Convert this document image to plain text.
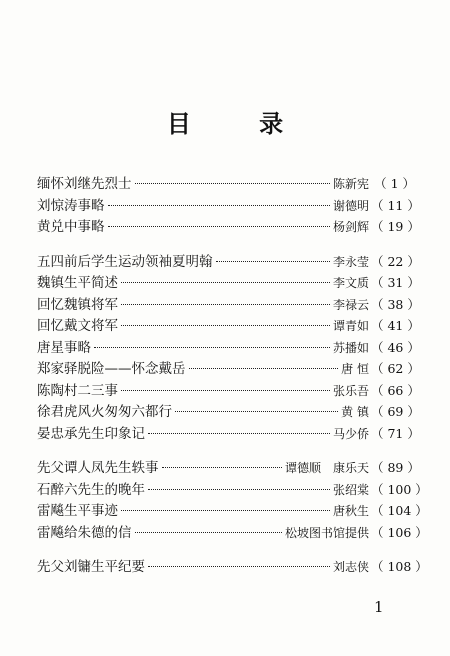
目 录
缅怀刘继先烈士	陈新宪 （ 1 ）
刘惊涛事略	谢德明 （ 11 ）
黄兑中事略	杨剑辉 （ 19 ）
五四前后学生运动领袖夏明翰	李永莹 （ 22 ）
魏镇生平简述	李文质 （ 31 ）
回忆魏镇将军	李禄云 （ 38 ）
回忆戴文将军	谭青如 （ 41 ）
唐星事略	苏播如 （ 46 ）
郑家驿脱险——怀念戴岳	唐 恒 （ 62 ）
陈陶村二三事	张乐吾 （ 66 ）
徐君虎风火匆匆六都行	黄 镇 （ 69 ）
晏忠承先生印象记	马少侨 （ 71 ）
先父谭人凤先生轶事	谭德顺　康乐天 （ 89 ）
石醉六先生的晚年	张绍棠 （ 100 ）
雷飚生平事迹	唐秋生 （ 104 ）
雷飚给朱德的信	松坡图书馆提供 （ 106 ）
先父刘镛生平纪要	刘志侠 （ 108 ）
1
